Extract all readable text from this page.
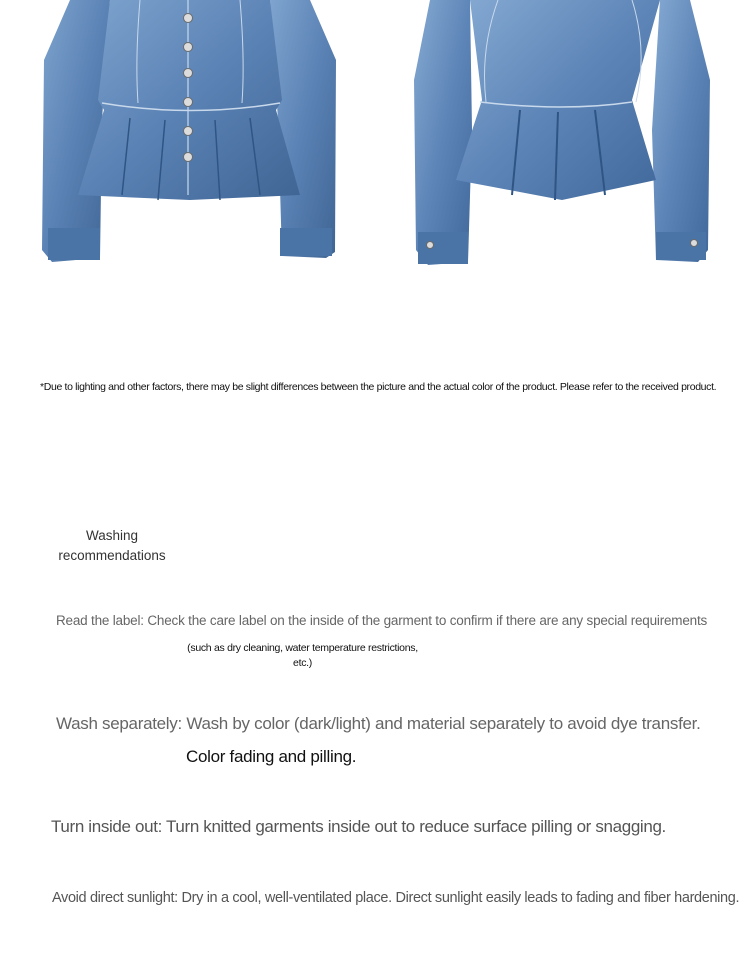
*Due to lighting and other factors, there may be slight differences between the picture and the actual color of the product. Please refer to the received product.
Washing recommendations
Read the label: Check the care label on the inside of the garment to confirm if there are any special requirements
(such as dry cleaning, water temperature restrictions, etc.)
Wash separately: Wash by color (dark/light) and material separately to avoid dye transfer.
Color fading and pilling.
Turn inside out: Turn knitted garments inside out to reduce surface pilling or snagging.
Avoid direct sunlight: Dry in a cool, well-ventilated place. Direct sunlight easily leads to fading and fiber hardening.
